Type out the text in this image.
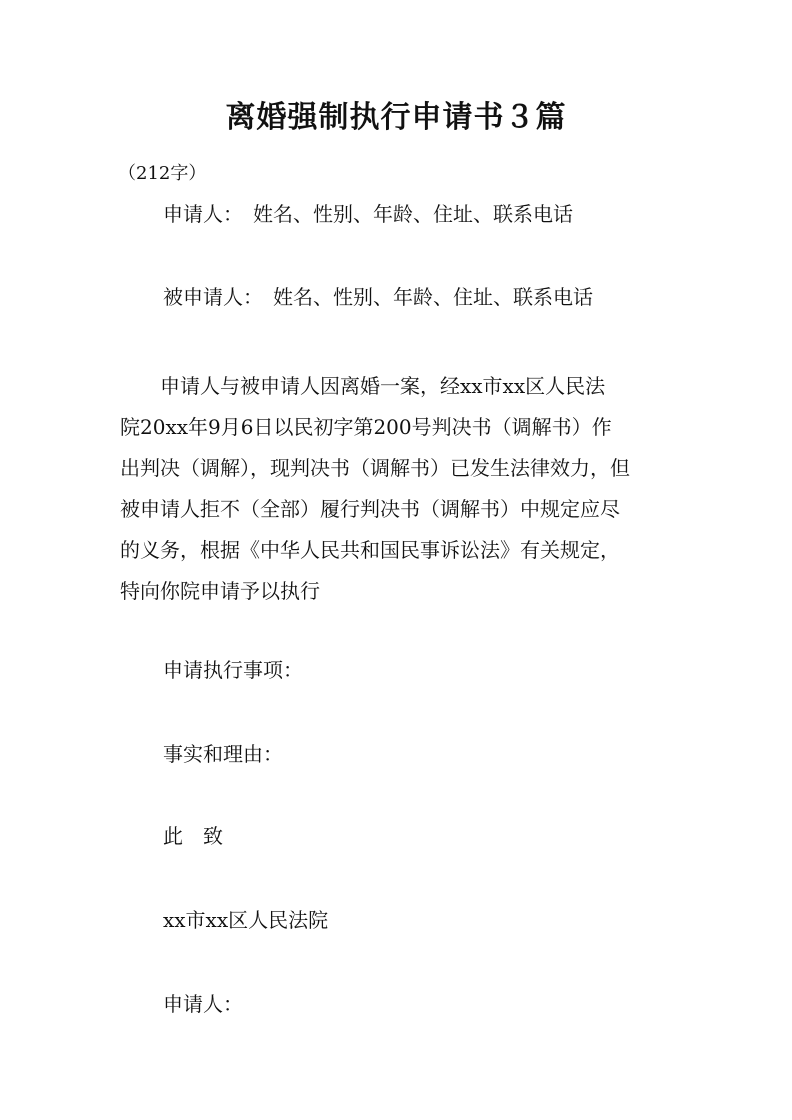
离婚强制执行申请书３篇
（212字）
申请人：　姓名、性别、年龄、住址、联系电话
被申请人：　姓名、性别、年龄、住址、联系电话
　　申请人与被申请人因离婚一案，经xx市xx区人民法
院20xx年9月6日以民初字第200号判决书（调解书）作
出判决（调解），现判决书（调解书）已发生法律效力，但
被申请人拒不（全部）履行判决书（调解书）中规定应尽
的义务，根据《中华人民共和国民事诉讼法》有关规定，
特向你院申请予以执行
申请执行事项：
事实和理由：
此　致
xx市xx区人民法院
申请人：
